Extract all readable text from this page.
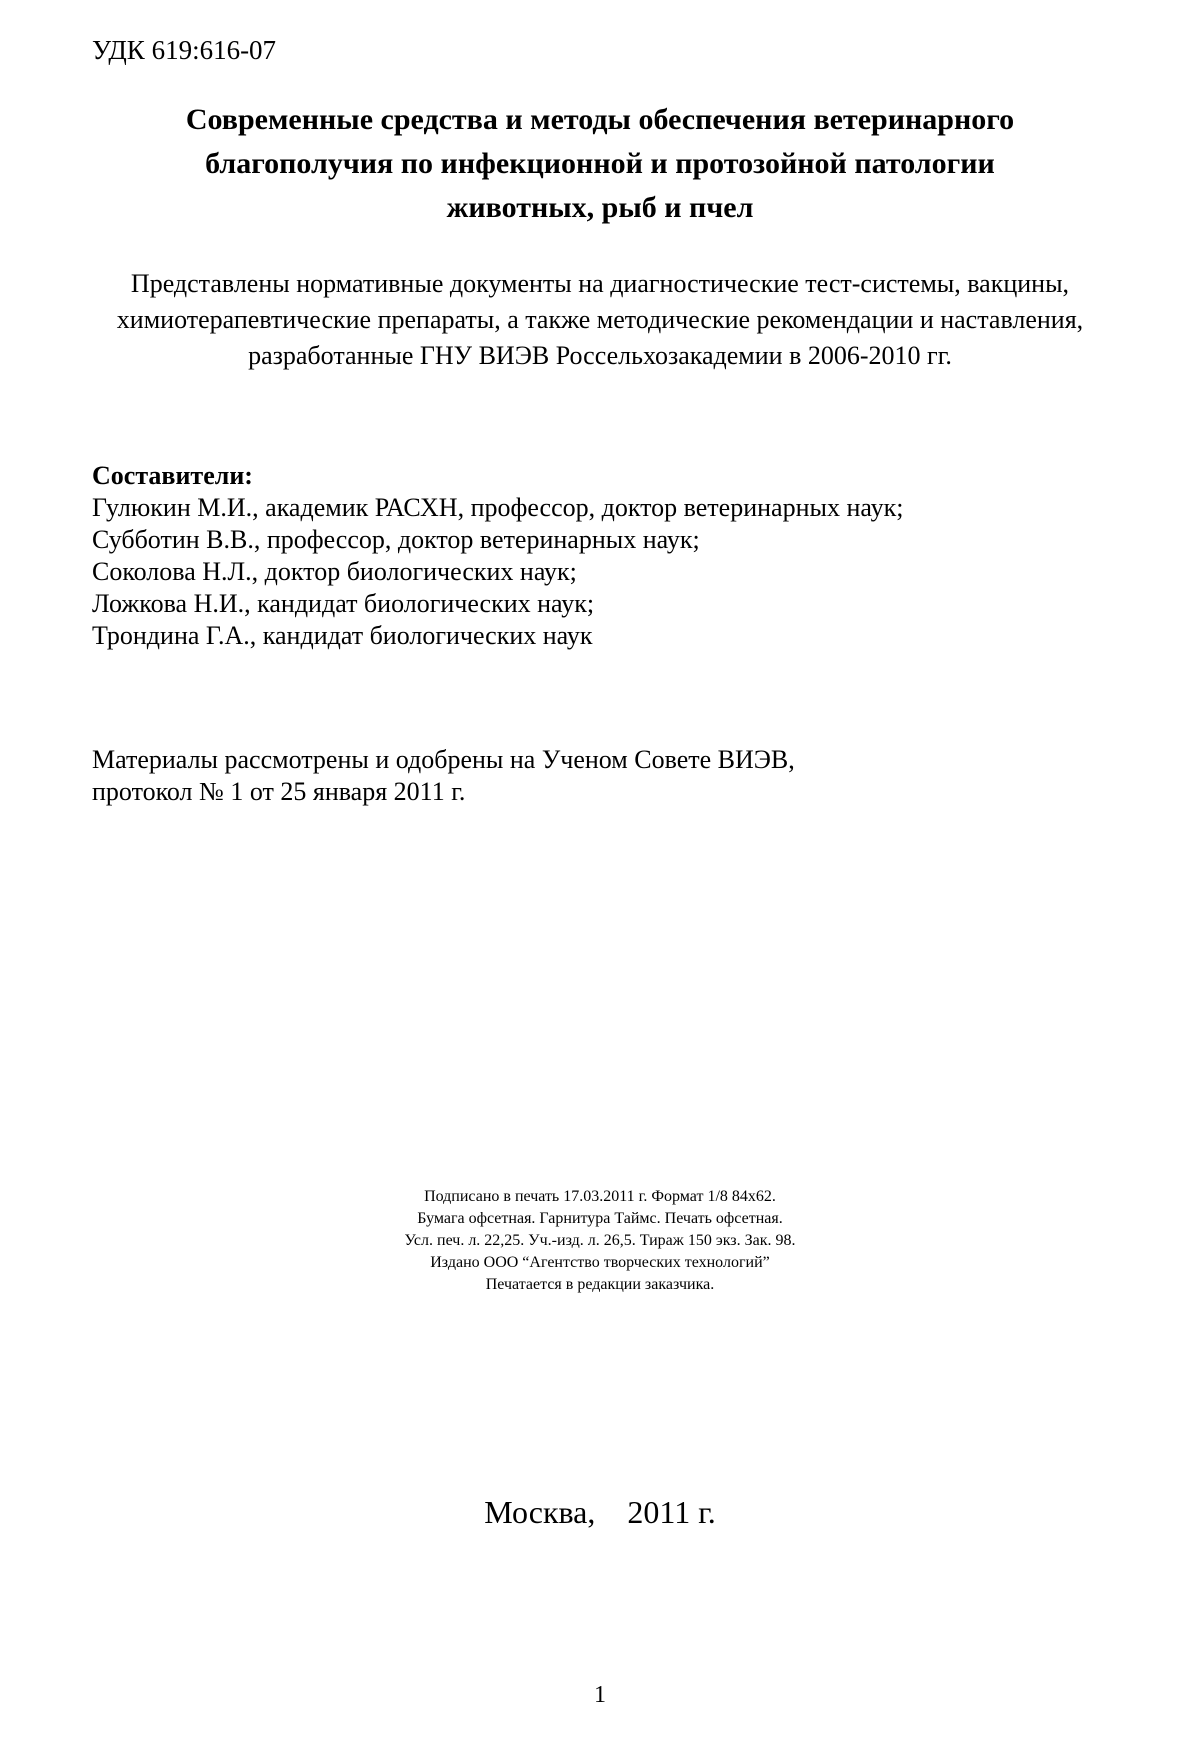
УДК 619:616-07
Современные средства и методы обеспечения ветеринарного
благополучия по инфекционной и протозойной патологии
животных, рыб и пчел
Представлены нормативные документы на диагностические тест-системы, вакцины,
химиотерапевтические препараты, а также методические рекомендации и наставления,
разработанные ГНУ ВИЭВ Россельхозакадемии в 2006-2010 гг.
Составители:
Гулюкин М.И., академик РАСХН, профессор, доктор ветеринарных наук;
Субботин В.В., профессор, доктор ветеринарных наук;
Соколова Н.Л., доктор биологических наук;
Ложкова Н.И., кандидат биологических наук;
Трондина Г.А., кандидат биологических наук
Материалы рассмотрены и одобрены на Ученом Совете ВИЭВ,
протокол № 1 от 25 января 2011 г.
Подписано в печать 17.03.2011 г. Формат 1/8 84х62.
Бумага офсетная. Гарнитура Таймс. Печать офсетная.
Усл. печ. л. 22,25. Уч.-изд. л. 26,5. Тираж 150 экз. Зак. 98.
Издано ООО “Агентство творческих технологий”
Печатается в редакции заказчика.
Москва,    2011 г.
1
